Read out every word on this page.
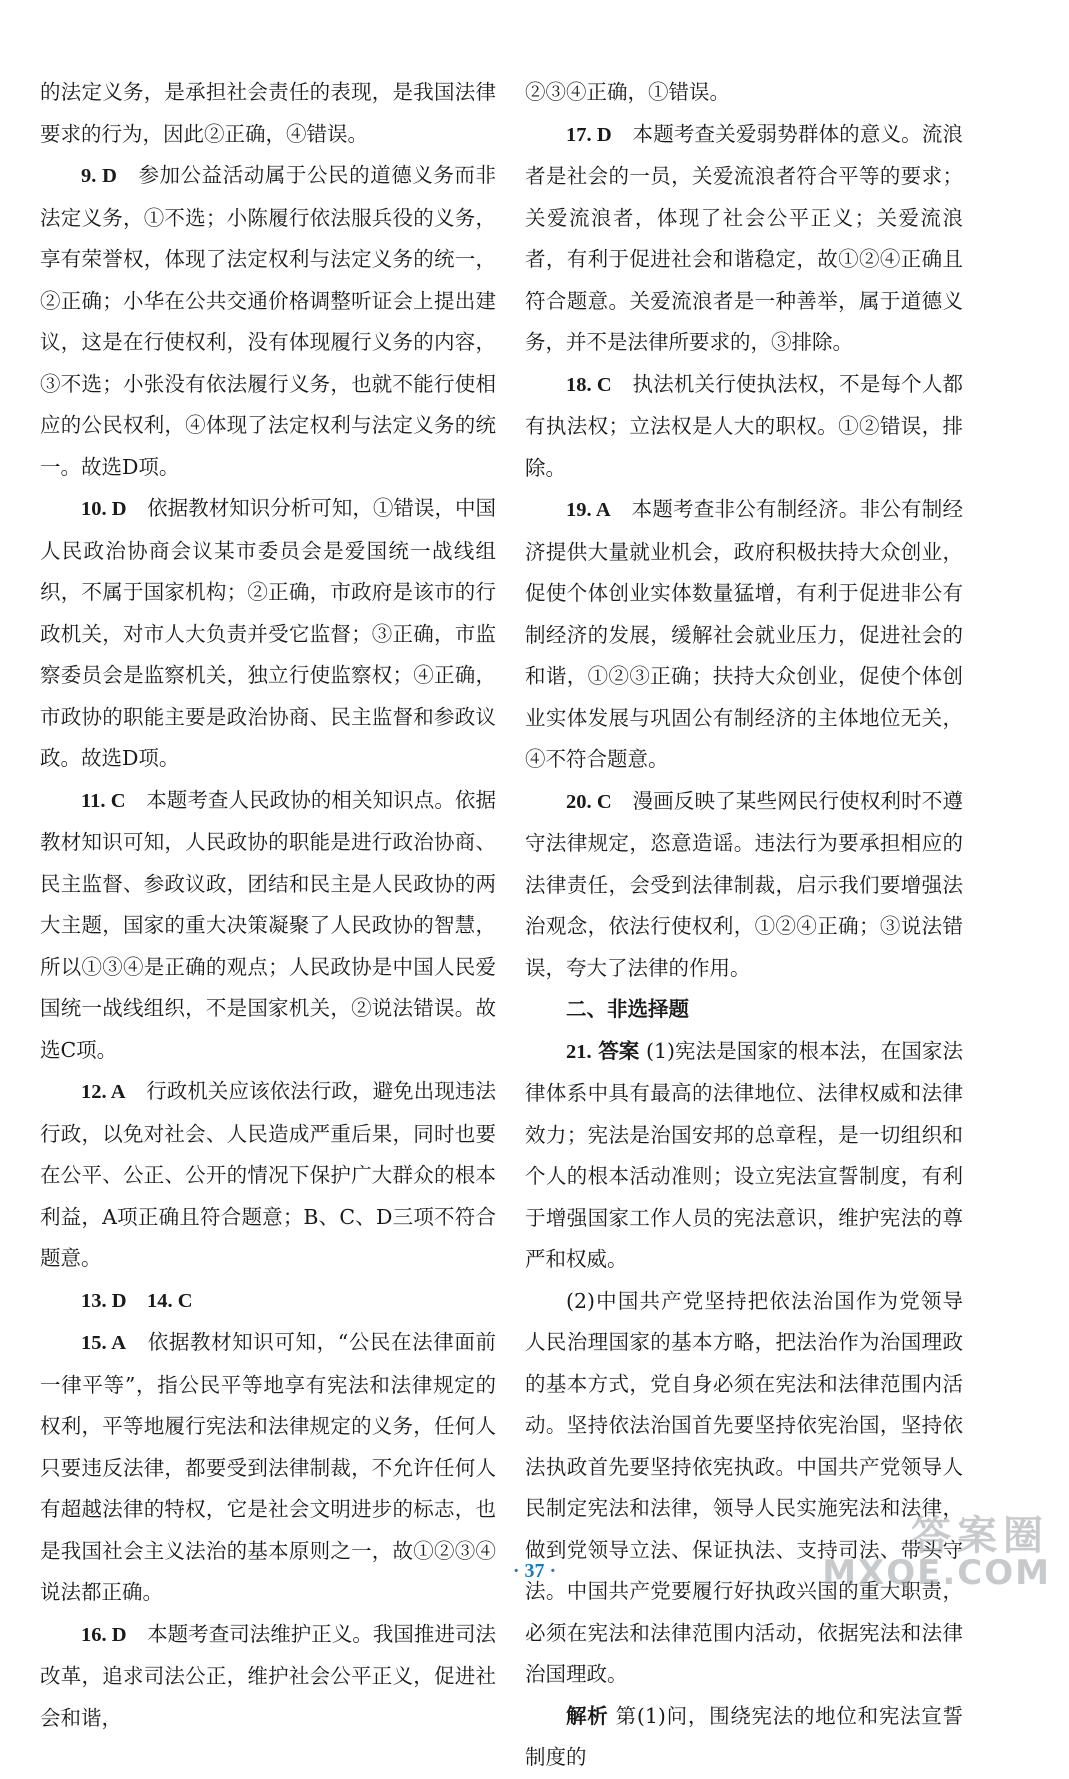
的法定义务，是承担社会责任的表现，是我国法律要求的行为，因此②正确，④错误。

9. D　 参加公益活动属于公民的道德义务而非法定义务，①不选；小陈履行依法服兵役的义务，享有荣誉权，体现了法定权利与法定义务的统一，②正确；小华在公共交通价格调整听证会上提出建议，这是在行使权利，没有体现履行义务的内容，③不选；小张没有依法履行义务，也就不能行使相应的公民权利，④体现了法定权利与法定义务的统一。故选D项。

10. D　 依据教材知识分析可知，①错误，中国人民政治协商会议某市委员会是爱国统一战线组织，不属于国家机构；②正确，市政府是该市的行政机关，对市人大负责并受它监督；③正确，市监察委员会是监察机关，独立行使监察权；④正确，市政协的职能主要是政治协商、民主监督和参政议政。故选D项。

11. C　 本题考查人民政协的相关知识点。依据教材知识可知，人民政协的职能是进行政治协商、民主监督、参政议政，团结和民主是人民政协的两大主题，国家的重大决策凝聚了人民政协的智慧，所以①③④是正确的观点；人民政协是中国人民爱国统一战线组织，不是国家机关，②说法错误。故选C项。

12. A　 行政机关应该依法行政，避免出现违法行政，以免对社会、人民造成严重后果，同时也要在公平、公正、公开的情况下保护广大群众的根本利益，A项正确且符合题意；B、C、D三项不符合题意。

13. D　14. C

15. A　 依据教材知识可知，“公民在法律面前一律平等”，指公民平等地享有宪法和法律规定的权利，平等地履行宪法和法律规定的义务，任何人只要违反法律，都要受到法律制裁，不允许任何人有超越法律的特权，它是社会文明进步的标志，也是我国社会主义法治的基本原则之一，故①②③④说法都正确。

16. D　 本题考查司法维护正义。我国推进司法改革，追求司法公正，维护社会公平正义，促进社会和谐，

②③④正确，①错误。

17. D　 本题考查关爱弱势群体的意义。流浪者是社会的一员，关爱流浪者符合平等的要求；关爱流浪者，体现了社会公平正义；关爱流浪者，有利于促进社会和谐稳定，故①②④正确且符合题意。关爱流浪者是一种善举，属于道德义务，并不是法律所要求的，③排除。

18. C　 执法机关行使执法权，不是每个人都有执法权；立法权是人大的职权。①②错误，排除。

19. A　 本题考查非公有制经济。非公有制经济提供大量就业机会，政府积极扶持大众创业，促使个体创业实体数量猛增，有利于促进非公有制经济的发展，缓解社会就业压力，促进社会的和谐，①②③正确；扶持大众创业，促使个体创业实体发展与巩固公有制经济的主体地位无关，④不符合题意。

20. C　 漫画反映了某些网民行使权利时不遵守法律规定，恣意造谣。违法行为要承担相应的法律责任，会受到法律制裁，启示我们要增强法治观念，依法行使权利，①②④正确；③说法错误，夸大了法律的作用。

二、非选择题

21. 答案 (1)宪法是国家的根本法，在国家法律体系中具有最高的法律地位、法律权威和法律效力；宪法是治国安邦的总章程，是一切组织和个人的根本活动准则；设立宪法宣誓制度，有利于增强国家工作人员的宪法意识，维护宪法的尊严和权威。

(2)中国共产党坚持把依法治国作为党领导人民治理国家的基本方略，把法治作为治国理政的基本方式，党自身必须在宪法和法律范围内活动。坚持依法治国首先要坚持依宪治国，坚持依法执政首先要坚持依宪执政。中国共产党领导人民制定宪法和法律，领导人民实施宪法和法律，做到党领导立法、保证执法、支持司法、带头守法。中国共产党要履行好执政兴国的重大职责，必须在宪法和法律范围内活动，依据宪法和法律治国理政。

解析 第(1)问，围绕宪法的地位和宪法宣誓制度的

· 37 ·
答案圈
MXQE.COM
